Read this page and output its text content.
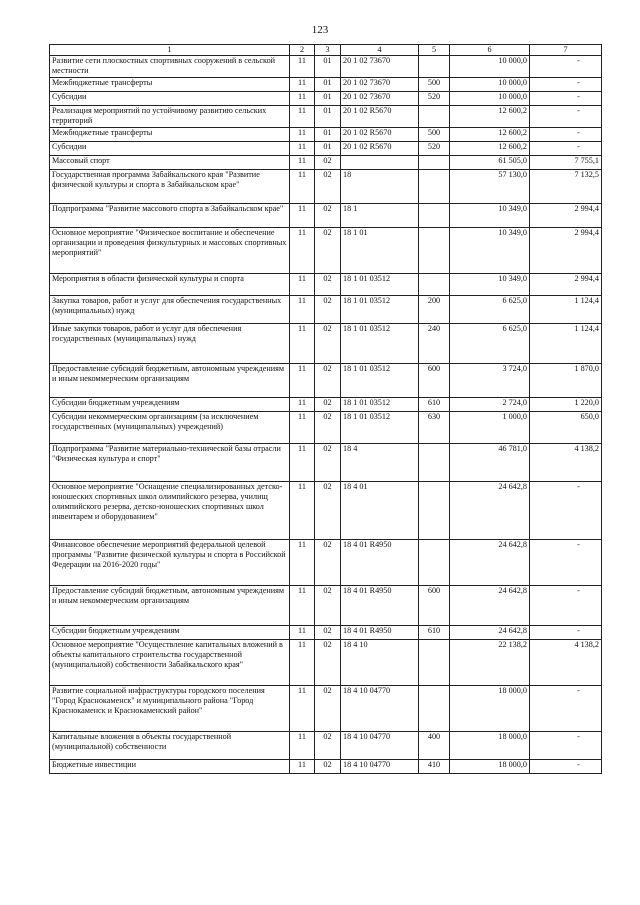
123
1	2	3	4	5	6	7
Развитие сети плоскостных спортивных сооружений в сельской местности	11	01	20 1 02 73670		10 000,0	-
Межбюджетные трансферты	11	01	20 1 02 73670	500	10 000,0	-
Субсидии	11	01	20 1 02 73670	520	10 000,0	-
Реализация мероприятий по устойчивому развитию сельских территорий	11	01	20 1 02 R5670		12 600,2	-
Межбюджетные трансферты	11	01	20 1 02 R5670	500	12 600,2	-
Субсидии	11	01	20 1 02 R5670	520	12 600,2	-
Массовый спорт	11	02			61 505,0	7 755,1
Государственная программа Забайкальского края "Развитие физической культуры и спорта в Забайкальском крае"	11	02	18		57 130,0	7 132,5
Подпрограмма "Развитие массового спорта в Забайкальском крае"	11	02	18 1		10 349,0	2 994,4
Основное мероприятие "Физическое воспитание и обеспечение организации и проведения физкультурных и массовых спортивных мероприятий"	11	02	18 1 01		10 349,0	2 994,4
Мероприятия в области физической культуры и спорта	11	02	18 1 01 03512		10 349,0	2 994,4
Закупка товаров, работ и услуг для обеспечения государственных (муниципальных) нужд	11	02	18 1 01 03512	200	6 625,0	1 124,4
Иные закупки товаров, работ и услуг для обеспечения государственных (муниципальных) нужд	11	02	18 1 01 03512	240	6 625,0	1 124,4
Предоставление субсидий бюджетным, автономным учреждениям и иным некоммерческим организациям	11	02	18 1 01 03512	600	3 724,0	1 870,0
Субсидии бюджетным учреждениям	11	02	18 1 01 03512	610	2 724,0	1 220,0
Субсидии некоммерческим организациям (за исключением государственных (муниципальных) учреждений)	11	02	18 1 01 03512	630	1 000,0	650,0
Подпрограмма "Развитие материально-технической базы отрасли "Физическая культура и спорт"	11	02	18 4		46 781,0	4 138,2
Основное мероприятие "Оснащение специализированных детско-юношеских спортивных школ олимпийского резерва, училищ олимпийского резерва, детско-юношеских спортивных школ инвентарем и оборудованием"	11	02	18 4 01		24 642,8	-
Финансовое обеспечение мероприятий федеральной целевой программы "Развитие физической культуры и спорта в Российской Федерации на 2016-2020 годы"	11	02	18 4 01 R4950		24 642,8	-
Предоставление субсидий бюджетным, автономным учреждениям и иным некоммерческим организациям	11	02	18 4 01 R4950	600	24 642,8	-
Субсидии бюджетным учреждениям	11	02	18 4 01 R4950	610	24 642,8	-
Основное мероприятие "Осуществление капитальных вложений в объекты капитального строительства государственной (муниципальной) собственности Забайкальского края"	11	02	18 4 10		22 138,2	4 138,2
Развитие социальной инфраструктуры городского поселения "Город Краснокаменск" и муниципального района "Город Краснокаменск и Краснокаменский район"	11	02	18 4 10 04770		18 000,0	-
Капитальные вложения в объекты государственной (муниципальной) собственности	11	02	18 4 10 04770	400	18 000,0	-
Бюджетные инвестиции	11	02	18 4 10 04770	410	18 000,0	-
